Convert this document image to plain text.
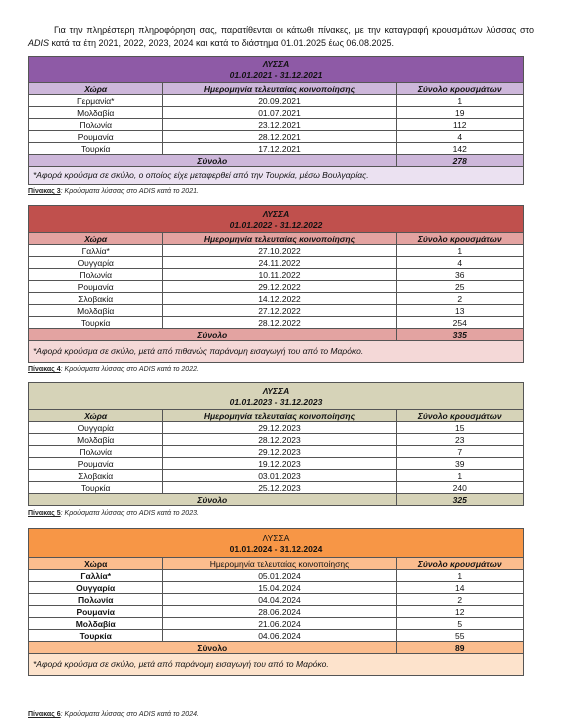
Για την πληρέστερη πληροφόρηση σας, παρατίθενται οι κάτωθι πίνακες, με την καταγραφή κρουσμάτων λύσσας στο ADIS κατά τα έτη 2021, 2022, 2023, 2024 και κατά το διάστημα 01.01.2025 έως 06.08.2025.
ΛΥΣΣΑ
01.01.2021 - 31.12.2021
Χώρα	Ημερομηνία τελευταίας κοινοποίησης	Σύνολο κρουσμάτων
Γερμανία*	20.09.2021	1
Μολδαβία	01.07.2021	19
Πολωνία	23.12.2021	112
Ρουμανία	28.12.2021	4
Τουρκία	17.12.2021	142
Σύνολο	278
*Αφορά κρούσμα σε σκύλο, ο οποίος είχε μεταφερθεί από την Τουρκία, μέσω Βουλγαρίας.
Πίνακας 3: Κρούσματα λύσσας στο ADIS κατά το 2021.
ΛΥΣΣΑ
01.01.2022 - 31.12.2022
Χώρα	Ημερομηνία τελευταίας κοινοποίησης	Σύνολο κρουσμάτων
Γαλλία*	27.10.2022	1
Ουγγαρία	24.11.2022	4
Πολωνία	10.11.2022	36
Ρουμανία	29.12.2022	25
Σλοβακία	14.12.2022	2
Μολδαβία	27.12.2022	13
Τουρκία	28.12.2022	254
Σύνολο	335
*Αφορά κρούσμα σε σκύλο, μετά από πιθανώς παράνομη εισαγωγή του από το Μαρόκο.
Πίνακας 4: Κρούσματα λύσσας στο ADIS κατά το 2022.
ΛΥΣΣΑ
01.01.2023 - 31.12.2023
Χώρα	Ημερομηνία τελευταίας κοινοποίησης	Σύνολο κρουσμάτων
Ουγγαρία	29.12.2023	15
Μολδαβία	28.12.2023	23
Πολωνία	29.12.2023	7
Ρουμανία	19.12.2023	39
Σλοβακία	03.01.2023	1
Τουρκία	25.12.2023	240
Σύνολο	325
Πίνακας 5: Κρούσματα λύσσας στο ADIS κατά το 2023.
ΛΥΣΣΑ
01.01.2024 - 31.12.2024
Χώρα	Ημερομηνία τελευταίας κοινοποίησης	Σύνολο κρουσμάτων
Γαλλία*	05.01.2024	1
Ουγγαρία	15.04.2024	14
Πολωνία	04.04.2024	2
Ρουμανία	28.06.2024	12
Μολδαβία	21.06.2024	5
Τουρκία	04.06.2024	55
Σύνολο	89
*Αφορά κρούσμα σε σκύλο, μετά από παράνομη εισαγωγή του από το Μαρόκο.
Πίνακας 6: Κρούσματα λύσσας στο ADIS κατά το 2024.
